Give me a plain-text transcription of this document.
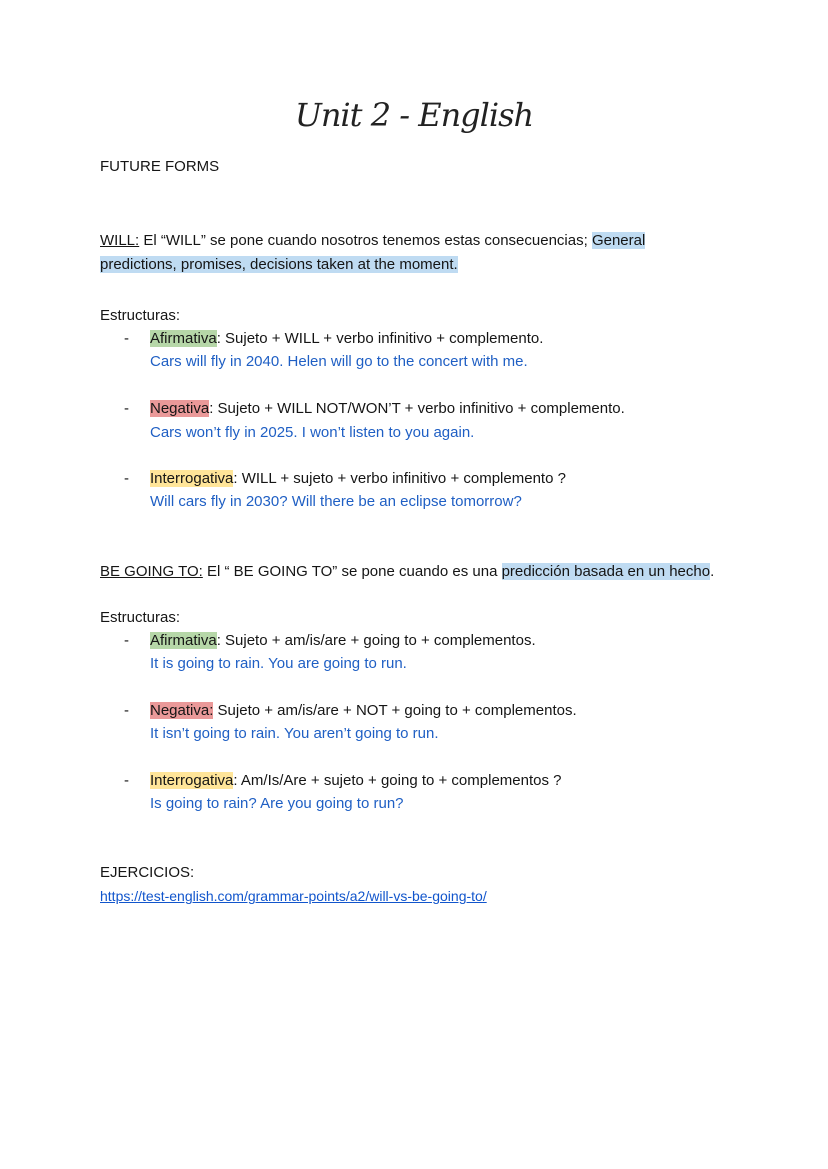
Unit 2 - English
FUTURE FORMS
WILL: El “WILL” se pone cuando nosotros tenemos estas consecuencias; General
predictions, promises, decisions taken at the moment.
Estructuras:
- Afirmativa: Sujeto + WILL + verbo infinitivo + complemento.
Cars will fly in 2040. Helen will go to the concert with me.
- Negativa: Sujeto + WILL NOT/WON’T + verbo infinitivo + complemento.
Cars won’t fly in 2025. I won’t listen to you again.
- Interrogativa: WILL + sujeto + verbo infinitivo + complemento ?
Will cars fly in 2030? Will there be an eclipse tomorrow?
BE GOING TO: El “ BE GOING TO” se pone cuando es una predicción basada en un hecho.
Estructuras:
- Afirmativa: Sujeto + am/is/are + going to + complementos.
It is going to rain. You are going to run.
- Negativa: Sujeto + am/is/are + NOT + going to + complementos.
It isn’t going to rain. You aren’t going to run.
- Interrogativa: Am/Is/Are + sujeto + going to + complementos ?
Is going to rain? Are you going to run?
EJERCICIOS:
https://test-english.com/grammar-points/a2/will-vs-be-going-to/
